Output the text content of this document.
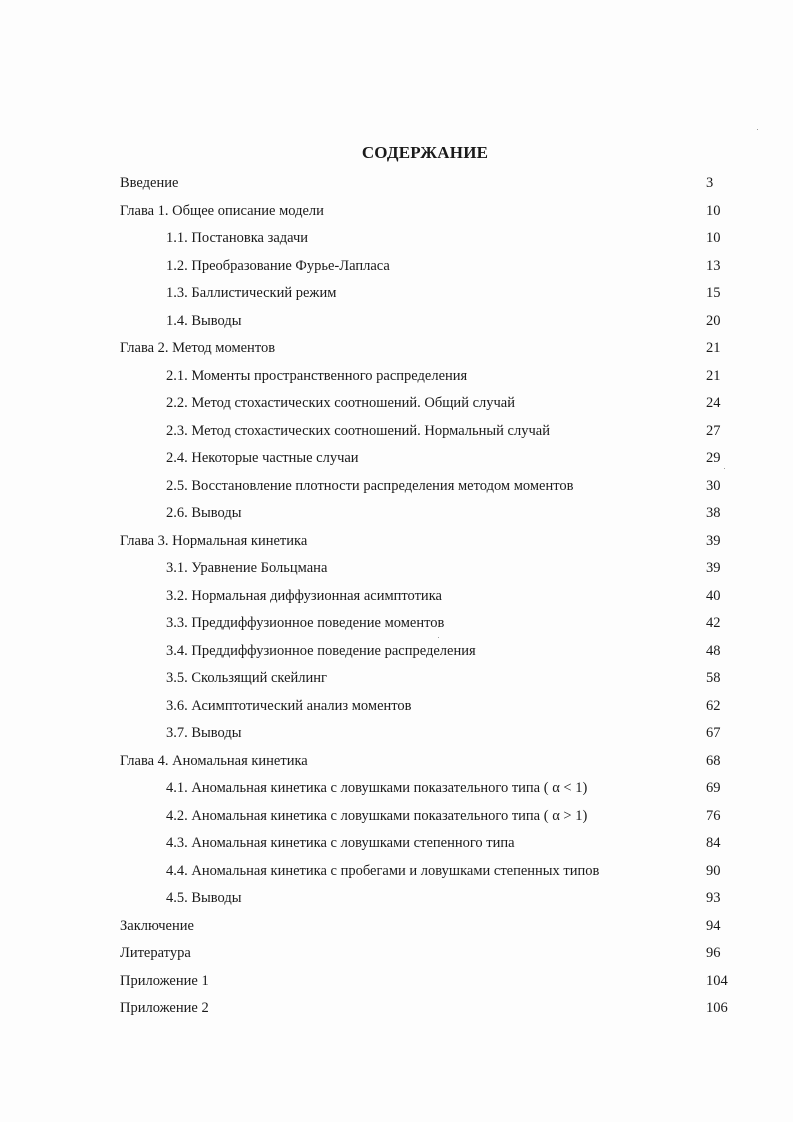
СОДЕРЖАНИЕ
Введение	3
Глава 1. Общее описание модели	10
1.1. Постановка задачи	10
1.2. Преобразование Фурье-Лапласа	13
1.3. Баллистический режим	15
1.4. Выводы	20
Глава 2. Метод моментов	21
2.1. Моменты пространственного распределения	21
2.2. Метод стохастических соотношений. Общий случай	24
2.3. Метод стохастических соотношений. Нормальный случай	27
2.4. Некоторые частные случаи	29
2.5. Восстановление плотности распределения методом моментов	30
2.6. Выводы	38
Глава 3. Нормальная кинетика	39
3.1. Уравнение Больцмана	39
3.2. Нормальная диффузионная асимптотика	40
3.3. Преддиффузионное поведение моментов	42
3.4. Преддиффузионное поведение распределения	48
3.5. Скользящий скейлинг	58
3.6. Асимптотический анализ моментов	62
3.7. Выводы	67
Глава 4. Аномальная кинетика	68
4.1. Аномальная кинетика с ловушками показательного типа ( α < 1)	69
4.2. Аномальная кинетика с ловушками показательного типа ( α > 1)	76
4.3. Аномальная кинетика с ловушками степенного типа	84
4.4. Аномальная кинетика с пробегами и ловушками степенных типов	90
4.5. Выводы	93
Заключение	94
Литература	96
Приложение 1	104
Приложение 2	106
